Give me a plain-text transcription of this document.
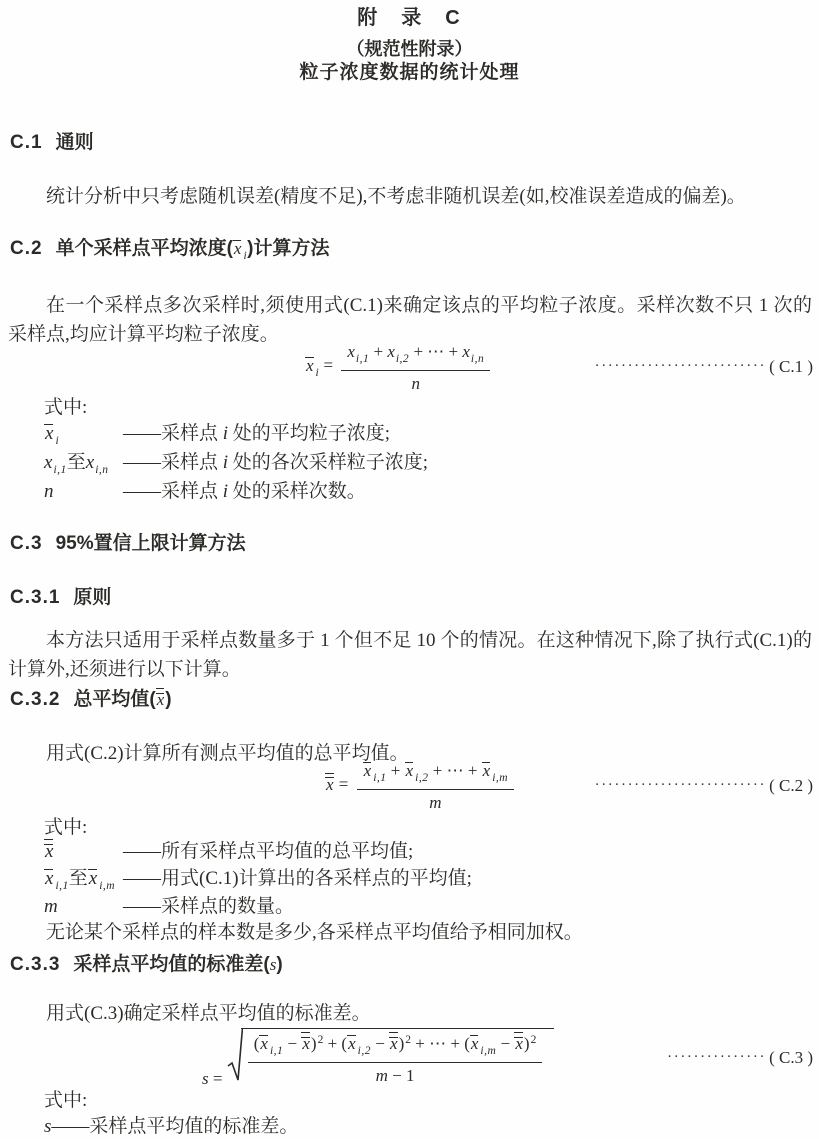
附　录　C
（规范性附录）
粒子浓度数据的统计处理
C.1 通则
统计分析中只考虑随机误差(精度不足),不考虑非随机误差(如,校准误差造成的偏差)。
C.2 单个采样点平均浓度(x $_i$)计算方法
在一个采样点多次采样时,须使用式(C.1)来确定该点的平均粒子浓度。采样次数不只 1 次的采样点,均应计算平均粒子浓度。
x $_i = \frac{x_{i,1} + x_{i,2} + \cdots + x_{i,n}}{n}$	·························· ( C.1 )
式中:
x $_i$	——采样点 i 处的平均粒子浓度;
$x_{i,1}$至$x_{i,n}$ ——采样点 i 处的各次采样粒子浓度;
n	——采样点 i 处的采样次数。
C.3 95%置信上限计算方法
C.3.1 原则
本方法只适用于采样点数量多于 1 个但不足 10 个的情况。在这种情况下,除了执行式(C.1)的计算外,还须进行以下计算。
C.3.2 总平均值(x)
用式(C.2)计算所有测点平均值的总平均值。
$x = \frac{x _{i,1} + x _{i,2} + \cdots + x _{i,m}}{m}$	·························· ( C.2 )
式中:
x	——所有采样点平均值的总平均值;
x $_{i,1}$至x $_{i,m}$ ——用式(C.1)计算出的各采样点的平均值;
m	——采样点的数量。
无论某个采样点的样本数是多少,各采样点平均值给予相同加权。
C.3.3 采样点平均值的标准差(s)
用式(C.3)确定采样点平均值的标准差。
$s = \frac{(x _{i,1} - x)^2 + (x _{i,2} - x)^2 + \cdots + (x _{i,m} - x)^2}{m - 1}$	··············· ( C.3 )
式中:
s ——采样点平均值的标准差。
